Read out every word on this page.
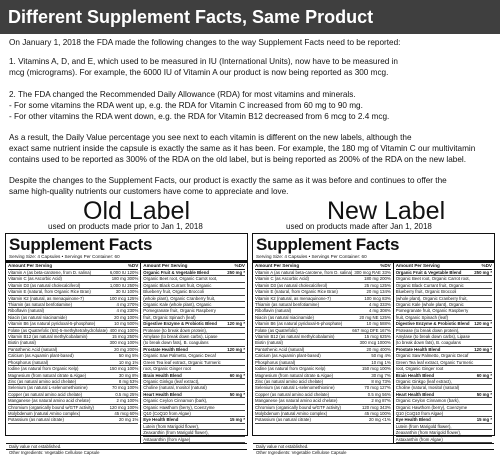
Different Supplement Facts, Same Product
On January 1, 2018 the FDA made the following changes to the way Supplement Facts need to be reported:
1. Vitamins A, D, and E, which used to be measured in IU (International Units), now have to be measured in
mcg (micrograms). For example, the 6000 IU of Vitamin A our product is now being reported as 300 mcg.
2. The FDA changed the Recommended Daily Allowance (RDA) for most vitamins and minerals.
- For some vitamins the RDA went up, e.g. the RDA for Vitamin C increased from 60 mg to 90 mg.
- For other vitamins the RDA went down, e.g. the RDA for Vitamin B12 decreased from 6 mcg to 2.4 mcg.
As a result, the Daily Value percentage you see next to each vitamin is different on the new labels, although the
exact same nutrient inside the capsule is exactly the same as it has been. For example, the 180 mg of Vitamin C our multivitamin
contains used to be reported as 300% of the RDA on the old label, but is being reported as 200% of the RDA on the new label.
Despite the changes to the Supplement Facts, our product is exactly the same as it was before and continues to offer the
same high-quality nutrients our customers have come to appreciate and love.
Old Label
used on products made prior to Jan 1, 2018
New Label
used on products made after Jan 1, 2018
Supplement Facts
Serving Size: 4 Capsules • Servings Per Container: 60
Amount Per Serving	%DV
Vitamin A (as beta-carotene, from D. salina)	6,000 IU 120%
Vitamin C (as Ascorbic Acid)	180 mg 300%
Vitamin D3 (as natural cholecalciferol)	1,000 IU 250%
Vitamin E (natural, from Organic Rice Bran)	30 IU 100%
Vitamin K2 (natural, as menaquinone-7)	100 mcg 125%
Thiamin (as natural benfotiamine)	4 mg 270%
Riboflavin (natural)	4 mg 230%
Niacin (as natural niacinamide)	20 mg 100%
Vitamin B6 (as natural pyridoxal-5-phosphate)	10 mg 500%
Folate (as Quatrefolic (6S)-5-methyltetrahydrofolate) 400 mcg 100%
Vitamin B12 (as natural methylcobalamin)	15 mcg 250%
Biotin (natural)	300 mcg 100%
Pantothenic Acid (natural)	20 mg 200%
Calcium (as Aquamin plant-based)	50 mg 5%
Phosphorus (natural)	10 mg 1%
Iodine (as natural from Organic Kelp)	150 mcg 100%
Magnesium (from natural citrate & Algae)	30 mg 8%
Zinc (as natural amino acid chelate)	8 mg 53%
Selenium (as natural L-selenomethionine)	70 mcg 100%
Copper (as natural amino acid chelate)	0.5 mg 25%
Manganese (as natural amino acid chelate)	2 mg 100%
Chromium (organically bound w/GTF activity)	120 mcg 100%
Molybdenum (natural Amino complex)	45 mcg 60%
Potassium (as natural citrate)	20 mg 1%
Amount Per Serving	%DV
Organic Fruit & Vegetable Blend	250 mg *
Organic Beet root, Organic Carrot root,
Organic Black Currant fruit, Organic
Blueberry fruit, Organic Broccoli
(whole plant), Organic Cranberry fruit,
Organic Kale (whole plant), Organic
Pomegranate fruit, Organic Raspberry
fruit, Organic Spinach (leaf)
Digestive Enzyme & Probiotic Blend	120 mg *
Protease (to break down protein),
Amylase (to break down carbs), Lipase
(to break down fats), B. coagulans
Prostate Health Blend	120 mg *
Organic Saw Palmetto, Organic Decaf
Green Tea leaf extract, Organic Turmeric
root, Organic Ginger root
Brain Health Blend	60 mg *
Organic Ginkgo (leaf extract),
Choline (natural, Inositol (natural)
Heart Health Blend	50 mg *
Organic Ceylon Cinnamon (bark),
Organic Hawthorn (berry), Coenzyme
Q10 (CoQ10 from Algae)
Eye Health Blend	15 mg *
Lutein (from Marigold flower),
Zeaxanthin (from Marigold flower),
Astaxanthin (from Algae)
Daily value not established.
Other Ingredients: Vegetable Cellulose Capsule
Supplement Facts
Serving Size: 4 Capsules • Servings Per Container: 60
Amount Per Serving	%DV
Vitamin A (as natural beta-carotene, from D. salina) 300 mcg RAE 33%
Vitamin C (as Ascorbic Acid)	180 mg 200%
Vitamin D3 (as natural cholecalciferol)	25 mcg 125%
Vitamin E (natural, from Organic Rice Bran)	20 mg 134%
Vitamin K2 (natural, as menaquinone-7)	100 mcg 83%
Thiamin (as natural benfotiamine)	4 mg 333%
Riboflavin (natural)	4 mg 308%
Niacin (as natural niacinamide)	20 mg NE 125%
Vitamin B6 (as natural pyridoxal-5-phosphate)	10 mg 588%
Folate (as Quatrefolic)	667 mcg DFE 167%
Vitamin B12 (as natural methylcobalamin)	15 mcg 625%
Biotin (natural)	300 mcg 1000%
Pantothenic Acid (natural)	20 mg 400%
Calcium (as Aquamin plant-based)	50 mg 4%
Phosphorus (natural)	10 mg 1%
Iodine (as natural from Organic Kelp)	150 mcg 100%
Magnesium (from natural citrate & Algae)	30 mg 7%
Zinc (as natural amino acid chelate)	8 mg 73%
Selenium (as natural L-selenomethionine)	70 mcg 127%
Copper (as natural amino acid chelate)	0.5 mg 56%
Manganese (as natural amino acid chelate)	2 mg 87%
Chromium (organically bound w/GTF activity)	120 mcg 343%
Molybdenum (natural Amino complex)	45 mcg 100%
Potassium (as natural citrate)	20 mg <1%
Amount Per Serving	%DV
Organic Fruit & Vegetable Blend	250 mg *
Organic Beet root, Organic Carrot root,
Organic Black Currant fruit, Organic
Blueberry fruit, Organic Broccoli
(whole plant), Organic Cranberry fruit,
Organic Kale (whole plant), Organic
Pomegranate fruit, Organic Raspberry
fruit, Organic Spinach (leaf)
Digestive Enzyme & Probiotic Blend	120 mg *
Protease (to break down protein),
Amylase (to break down carbs), Lipase
(to break down fats), B. coagulans
Prostate Health Blend	120 mg *
Organic Saw Palmetto, Organic Decaf
Green Tea leaf extract, Organic Turmeric
root, Organic Ginger root
Brain Health Blend	60 mg *
Organic Ginkgo (leaf extract),
Choline (natural, Inositol (natural)
Heart Health Blend	50 mg *
Organic Ceylon Cinnamon (bark),
Organic Hawthorn (berry), Coenzyme
Q10 (CoQ10 from Algae)
Eye Health Blend	15 mg *
Lutein (from Marigold flower),
Zeaxanthin (from Marigold flower),
Astaxanthin (from Algae)
Daily value not established.
Other Ingredients: Vegetable Cellulose Capsule
